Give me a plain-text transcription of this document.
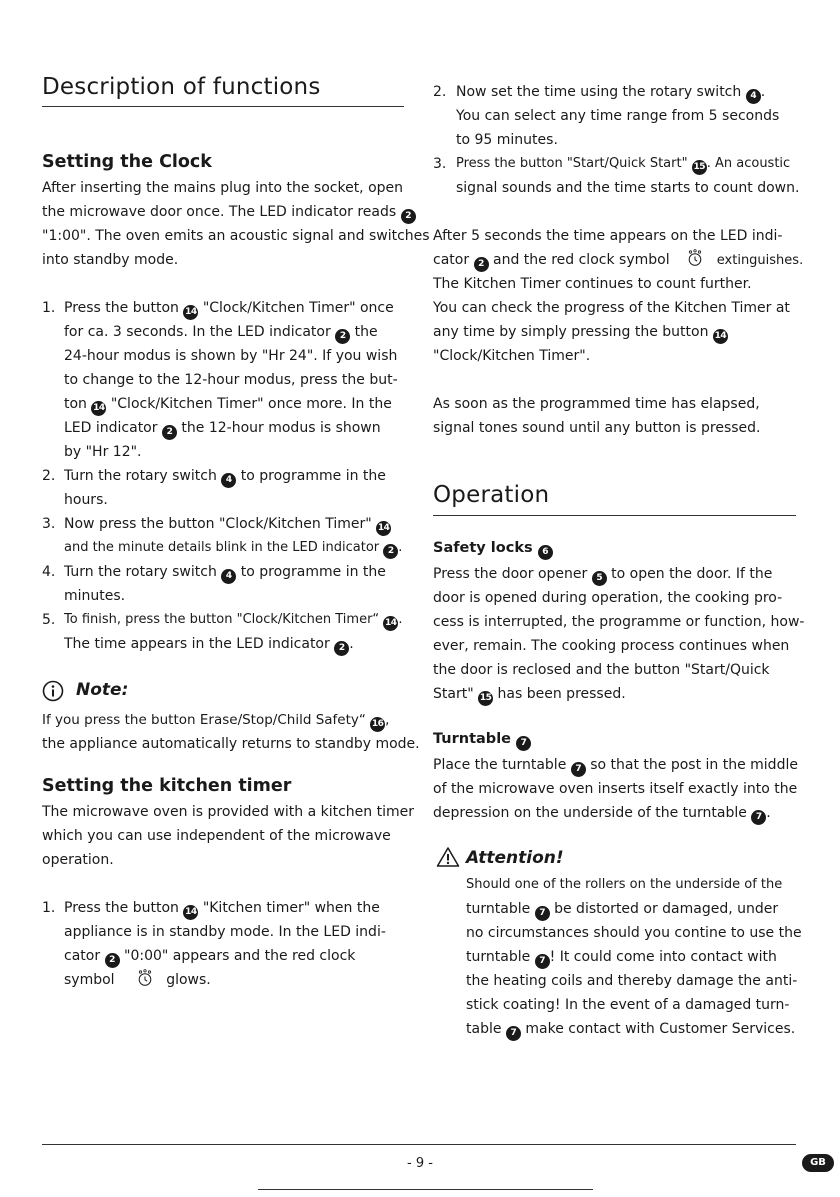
Description of functions
Setting the Clock
After inserting the mains plug into the socket, open
the microwave door once. The LED indicator reads 2
"1:00". The oven emits an acoustic signal and switches
into standby mode.
1. Press the button 14 "Clock/Kitchen Timer" once
for ca. 3 seconds. In the LED indicator 2 the
24-hour modus is shown by "Hr 24". If you wish
to change to the 12-hour modus, press the but-
ton 14 "Clock/Kitchen Timer" once more. In the
LED indicator 2 the 12-hour modus is shown
by "Hr 12".
2. Turn the rotary switch 4 to programme in the
hours.
3. Now press the button "Clock/Kitchen Timer" 14
and the minute details blink in the LED indicator 2 .
4. Turn the rotary switch 4 to programme in the
minutes.
5. To finish, press the button "Clock/Kitchen Timer“ 14 .
The time appears in the LED indicator 2 .
Note:
If you press the button Erase/Stop/Child Safety“ 16 ,
the appliance automatically returns to standby mode.
Setting the kitchen timer
The microwave oven is provided with a kitchen timer
which you can use independent of the microwave
operation.
1. Press the button 14 "Kitchen timer" when the
appliance is in standby mode. In the LED indi-
cator 2 "0:00" appears and the red clock
symbol	glows.
2. Now set the time using the rotary switch 4 .
You can select any time range from 5 seconds
to 95 minutes.
3. Press the button "Start/Quick Start" 15 . An acoustic
signal sounds and the time starts to count down.
After 5 seconds the time appears on the LED indi-
cator 2 and the red clock symbol	extinguishes.
The Kitchen Timer continues to count further.
You can check the progress of the Kitchen Timer at
any time by simply pressing the button 14
"Clock/Kitchen Timer".
As soon as the programmed time has elapsed,
signal tones sound until any button is pressed.
Operation
Safety locks 6
Press the door opener 5 to open the door. If the
door is opened during operation, the cooking pro-
cess is interrupted, the programme or function, how-
ever, remain. The cooking process continues when
the door is reclosed and the button "Start/Quick
Start" 15 has been pressed.
Turntable 7
Place the turntable 7 so that the post in the middle
of the microwave oven inserts itself exactly into the
depression on the underside of the turntable 7 .
Attention!
Should one of the rollers on the underside of the
turntable 7 be distorted or damaged, under
no circumstances should you contine to use the
turntable 7 ! It could come into contact with
the heating coils and thereby damage the anti-
stick coating! In the event of a damaged turn-
table 7 make contact with Customer Services.
- 9 -	GB
